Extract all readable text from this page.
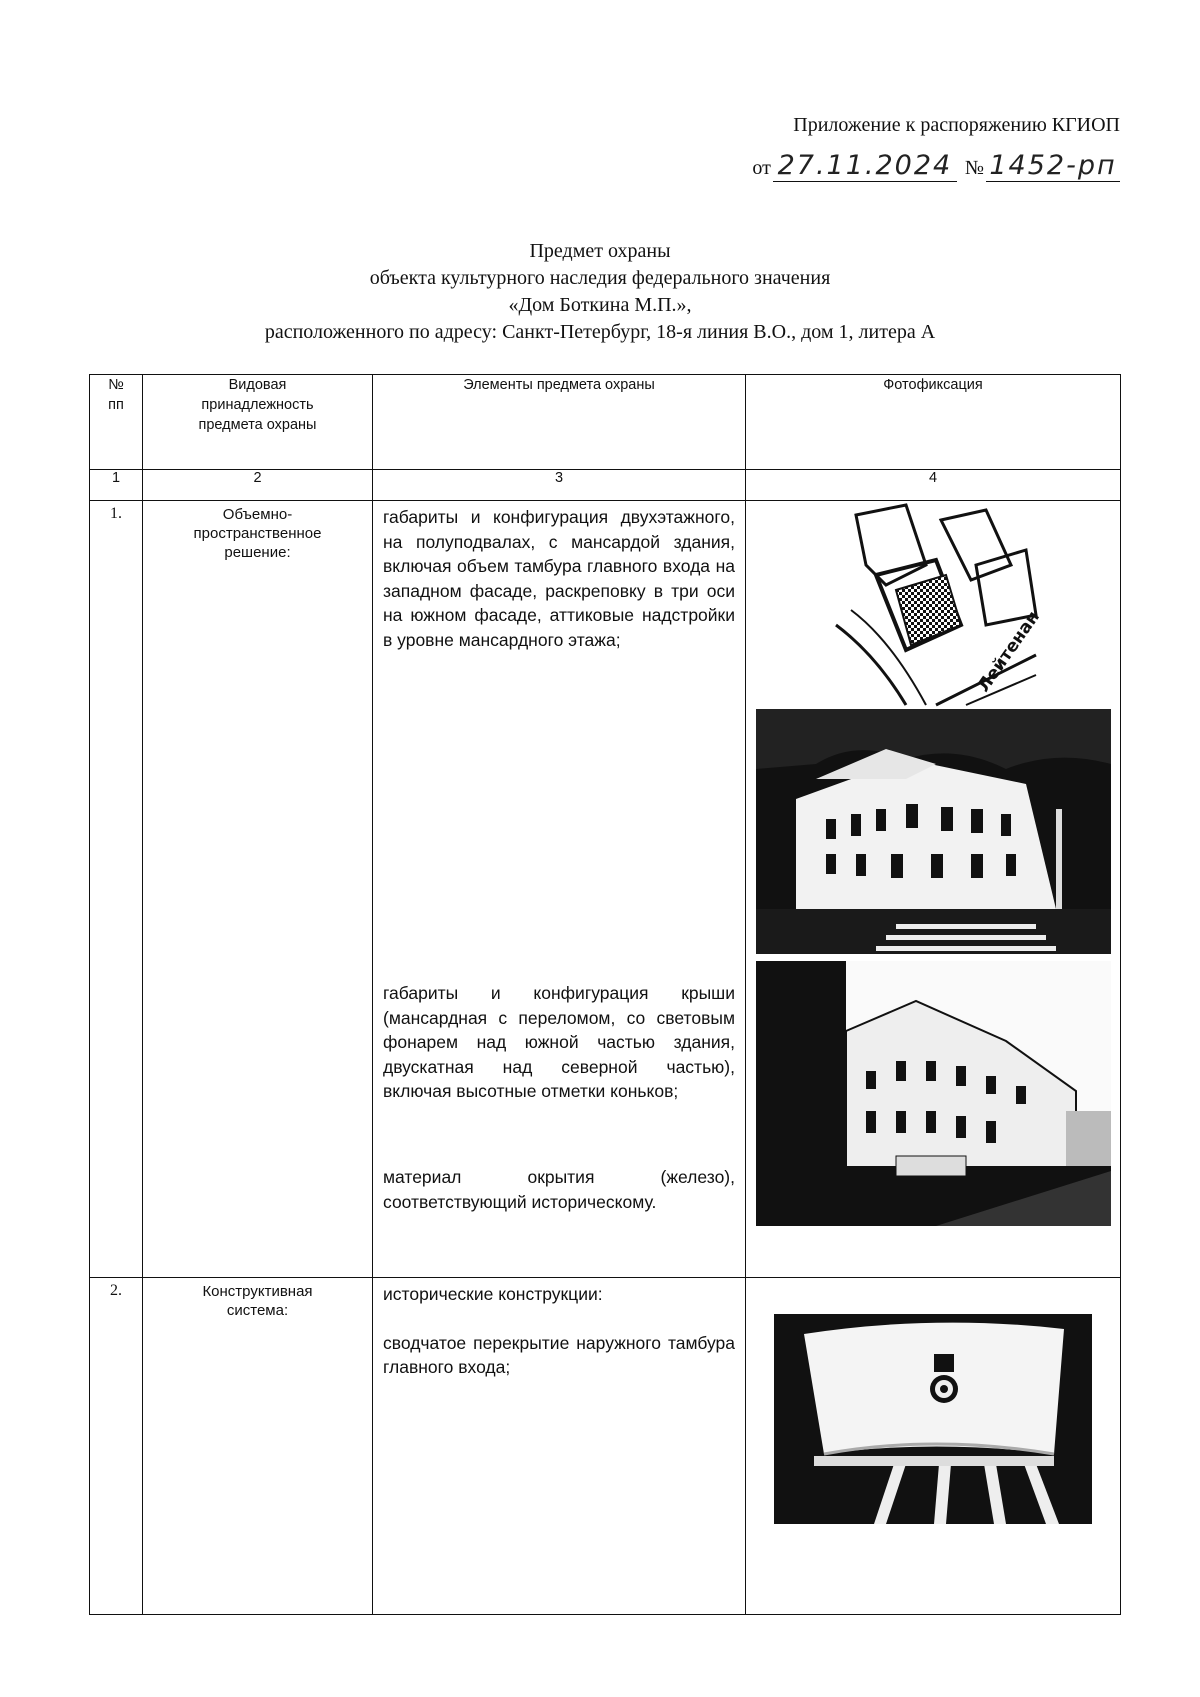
Приложение к распоряжению КГИОП
от 27.11.2024 № 1452-рп
Предмет охраны
объекта культурного наследия федерального значения
«Дом Боткина М.П.»,
расположенного по адресу: Санкт-Петербург, 18-я линия В.О., дом 1, литера А
№ пп	Видовая принадлежность предмета охраны	Элементы предмета охраны	Фотофиксация
1	2	3	4
1.	Объемно-пространственное решение:	габариты и конфигурация двухэтажного, на полуподвалах, с мансардой здания, включая объем тамбура главного входа на западном фасаде, раскреповку в три оси на южном фасаде, аттиковые надстройки в уровне мансардного этажа;

габариты и конфигурация крыши (мансардная с переломом, со световым фонарем над южной частью здания, двускатная над северной частью), включая высотные отметки коньков;

материал окрытия (железо), соответствующий историческому.	Лейтенан

2.	Конструктивная система:	исторические конструкции:

сводчатое перекрытие наружного тамбура главного входа;
